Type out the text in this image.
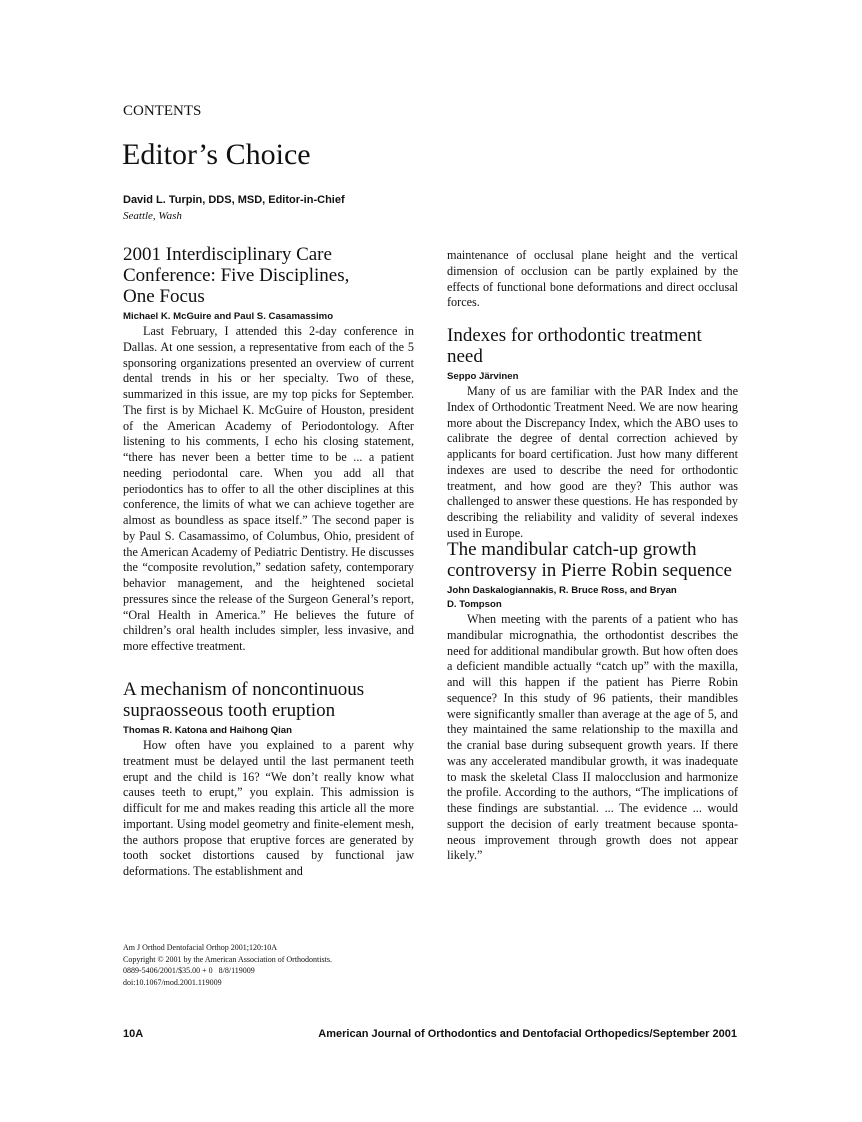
CONTENTS
Editor’s Choice
David L. Turpin, DDS, MSD, Editor-in-Chief
Seattle, Wash
2001 Interdisciplinary Care Conference: Five Disciplines, One Focus
Michael K. McGuire and Paul S. Casamassimo

Last February, I attended this 2-day conference in Dallas. At one session, a representative from each of the 5 sponsoring organizations presented an overview of current dental trends in his or her specialty. Two of these, summarized in this issue, are my top picks for September. The first is by Michael K. McGuire of Houston, president of the American Academy of Periodontology. After listening to his comments, I echo his closing statement, “there has never been a better time to be ... a patient needing periodontal care. When you add all that periodontics has to offer to all the other disciplines at this conference, the limits of what we can achieve together are almost as boundless as space itself.” The second paper is by Paul S. Casamassimo, of Columbus, Ohio, president of the American Academy of Pediatric Dentistry. He discusses the “composite revolution,” sedation safety, contemporary behavior management, and the heightened societal pressures since the release of the Surgeon General’s report, “Oral Health in America.” He believes the future of children’s oral health includes simpler, less invasive, and more effective treatment.

A mechanism of noncontinuous supraosseous tooth eruption
Thomas R. Katona and Haihong Qian

How often have you explained to a parent why treatment must be delayed until the last permanent teeth erupt and the child is 16? “We don’t really know what causes teeth to erupt,” you explain. This admission is difficult for me and makes reading this article all the more important. Using model geometry and finite-element mesh, the authors propose that eruptive forces are generated by tooth socket distortions caused by functional jaw deformations. The establishment and

maintenance of occlusal plane height and the vertical dimension of occlusion can be partly explained by the effects of functional bone deformations and direct occlusal forces.

Indexes for orthodontic treatment need
Seppo Järvinen

Many of us are familiar with the PAR Index and the Index of Orthodontic Treatment Need. We are now hearing more about the Discrepancy Index, which the ABO uses to calibrate the degree of dental correction achieved by applicants for board certification. Just how many different indexes are used to describe the need for orthodontic treatment, and how good are they? This author was challenged to answer these questions. He has responded by describing the reliability and validity of several indexes used in Europe.

The mandibular catch-up growth controversy in Pierre Robin sequence
John Daskalogiannakis, R. Bruce Ross, and Bryan D. Tompson

When meeting with the parents of a patient who has mandibular micrognathia, the orthodontist describes the need for additional mandibular growth. But how often does a deficient mandible actually “catch up” with the maxilla, and will this happen if the patient has Pierre Robin sequence? In this study of 96 patients, their mandibles were significantly smaller than average at the age of 5, and they maintained the same relationship to the maxilla and the cranial base during subsequent growth years. If there was any accelerated mandibular growth, it was inadequate to mask the skeletal Class II malocclusion and harmonize the profile. According to the authors, “The implications of these findings are substantial. ... The evidence ... would support the decision of early treatment because spontaneous improvement through growth does not appear likely.”

Am J Orthod Dentofacial Orthop 2001;120:10A
Copyright © 2001 by the American Association of Orthodontists.
0889-5406/2001/$35.00 + 0   8/8/119009
doi:10.1067/mod.2001.119009
10A	American Journal of Orthodontics and Dentofacial Orthopedics/September 2001
